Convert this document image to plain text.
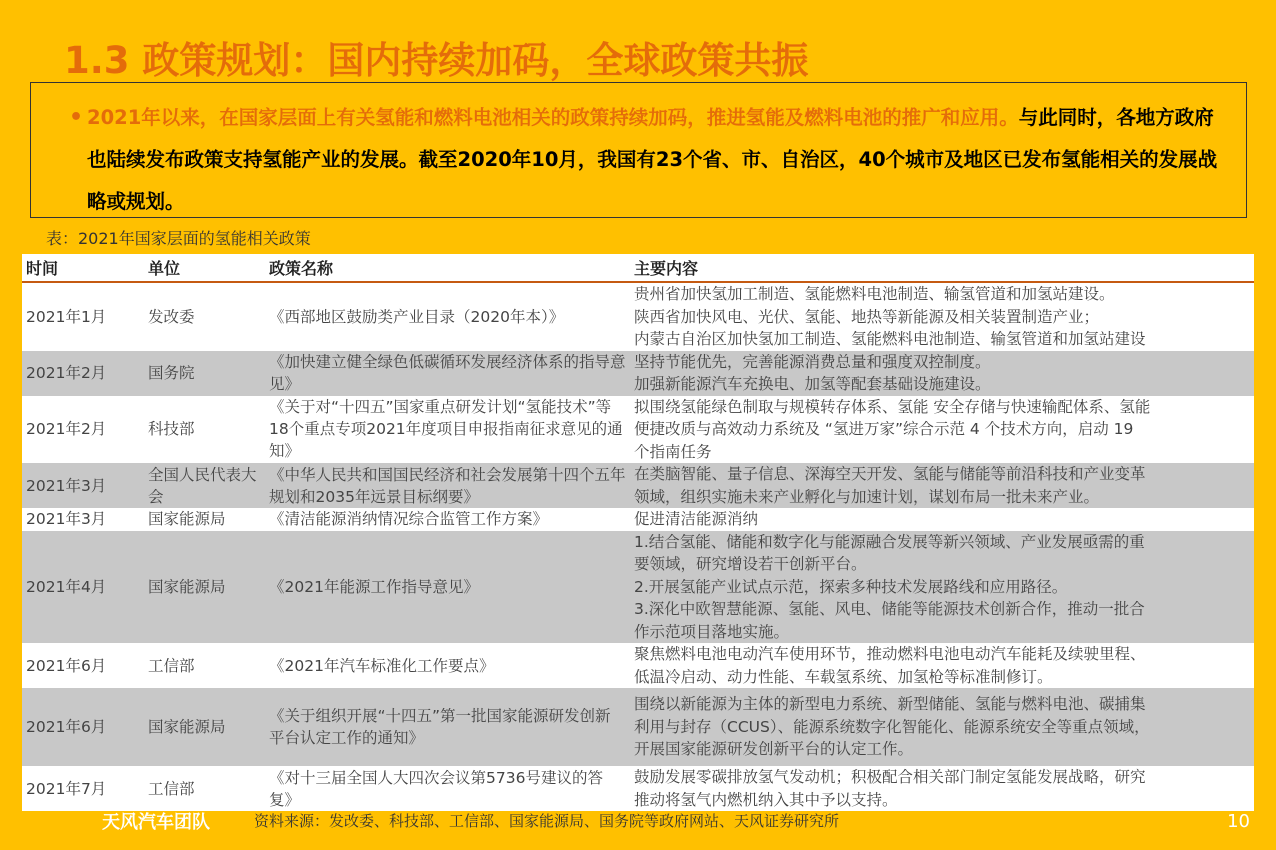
1.3 政策规划：国内持续加码，全球政策共振
• 2021年以来，在国家层面上有关氢能和燃料电池相关的政策持续加码，推进氢能及燃料电池的推广和应用。与此同时，各地方政府也陆续发布政策支持氢能产业的发展。截至2020年10月，我国有23个省、市、自治区，40个城市及地区已发布氢能相关的发展战略或规划。
表：2021年国家层面的氢能相关政策
时间	单位	政策名称	主要内容
2021年1月	发改委	《西部地区鼓励类产业目录（2020年本）》	贵州省加快氢加工制造、氢能燃料电池制造、输氢管道和加氢站建设。
陕西省加快风电、光伏、氢能、地热等新能源及相关装置制造产业；
内蒙古自治区加快氢加工制造、氢能燃料电池制造、输氢管道和加氢站建设

2021年2月	国务院	《加快建立健全绿色低碳循环发展经济体系的指导意见》	坚持节能优先，完善能源消费总量和强度双控制度。
加强新能源汽车充换电、加氢等配套基础设施建设。

2021年2月	科技部	《关于对“十四五”国家重点研发计划“氢能技术”等18个重点专项2021年度项目申报指南征求意见的通知》	拟围绕氢能绿色制取与规模转存体系、氢能 安全存储与快速输配体系、氢能
便捷改质与高效动力系统及 “氢进万家”综合示范 4 个技术方向，启动 19
个指南任务

2021年3月	全国人民代表大会	《中华人民共和国国民经济和社会发展第十四个五年规划和2035年远景目标纲要》	在类脑智能、量子信息、深海空天开发、氢能与储能等前沿科技和产业变革
领域，组织实施未来产业孵化与加速计划，谋划布局一批未来产业。

2021年3月	国家能源局	《清洁能源消纳情况综合监管工作方案》	促进清洁能源消纳

2021年4月	国家能源局	《2021年能源工作指导意见》	1.结合氢能、储能和数字化与能源融合发展等新兴领域、产业发展亟需的重
要领域，研究增设若干创新平台。
2.开展氢能产业试点示范，探索多种技术发展路线和应用路径。
3.深化中欧智慧能源、氢能、风电、储能等能源技术创新合作，推动一批合
作示范项目落地实施。

2021年6月	工信部	《2021年汽车标准化工作要点》	聚焦燃料电池电动汽车使用环节，推动燃料电池电动汽车能耗及续驶里程、
低温冷启动、动力性能、车载氢系统、加氢枪等标准制修订。

2021年6月	国家能源局	《关于组织开展“十四五”第一批国家能源研发创新平台认定工作的通知》	围绕以新能源为主体的新型电力系统、新型储能、氢能与燃料电池、碳捕集
利用与封存（CCUS）、能源系统数字化智能化、能源系统安全等重点领域，
开展国家能源研发创新平台的认定工作。

2021年7月	工信部	《对十三届全国人大四次会议第5736号建议的答复》	鼓励发展零碳排放氢气发动机；积极配合相关部门制定氢能发展战略，研究
推动将氢气内燃机纳入其中予以支持。
天风汽车团队	资料来源：发改委、科技部、工信部、国家能源局、国务院等政府网站、天风证券研究所	10
